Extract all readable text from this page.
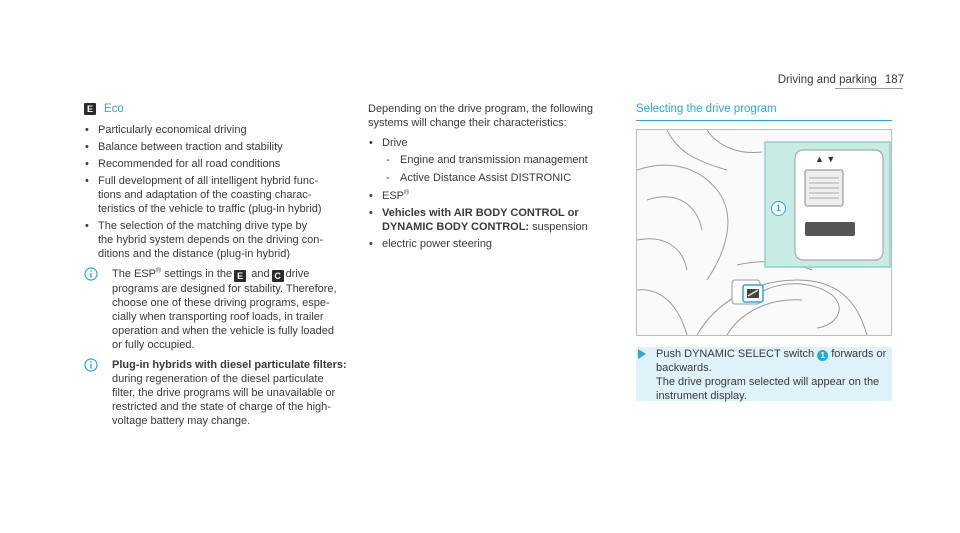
Driving and parking 187
E Eco
• Particularly economical driving
• Balance between traction and stability
• Recommended for all road conditions
• Full development of all intelligent hybrid func-
tions and adaptation of the coasting charac-
teristics of the vehicle to traffic (plug-in hybrid)
• The selection of the matching drive type by
the hybrid system depends on the driving con-
ditions and the distance (plug-in hybrid)
The ESP® settings in the E and C drive
programs are designed for stability. Therefore,
choose one of these driving programs, espe-
cially when transporting roof loads, in trailer
operation and when the vehicle is fully loaded
or fully occupied.
Plug-in hybrids with diesel particulate filters:
during regeneration of the diesel particulate
filter, the drive programs will be unavailable or
restricted and the state of charge of the high-
voltage battery may change.
Depending on the drive program, the following
systems will change their characteristics:
• Drive
- Engine and transmission management
- Active Distance Assist DISTRONIC
• ESP®
• Vehicles with AIR BODY CONTROL or
DYNAMIC BODY CONTROL: suspension
• electric power steering
Selecting the drive program
▲ ▼
DYNAMIC
1
Push DYNAMIC SELECT switch 1 forwards or
backwards.
The drive program selected will appear on the
instrument display.
